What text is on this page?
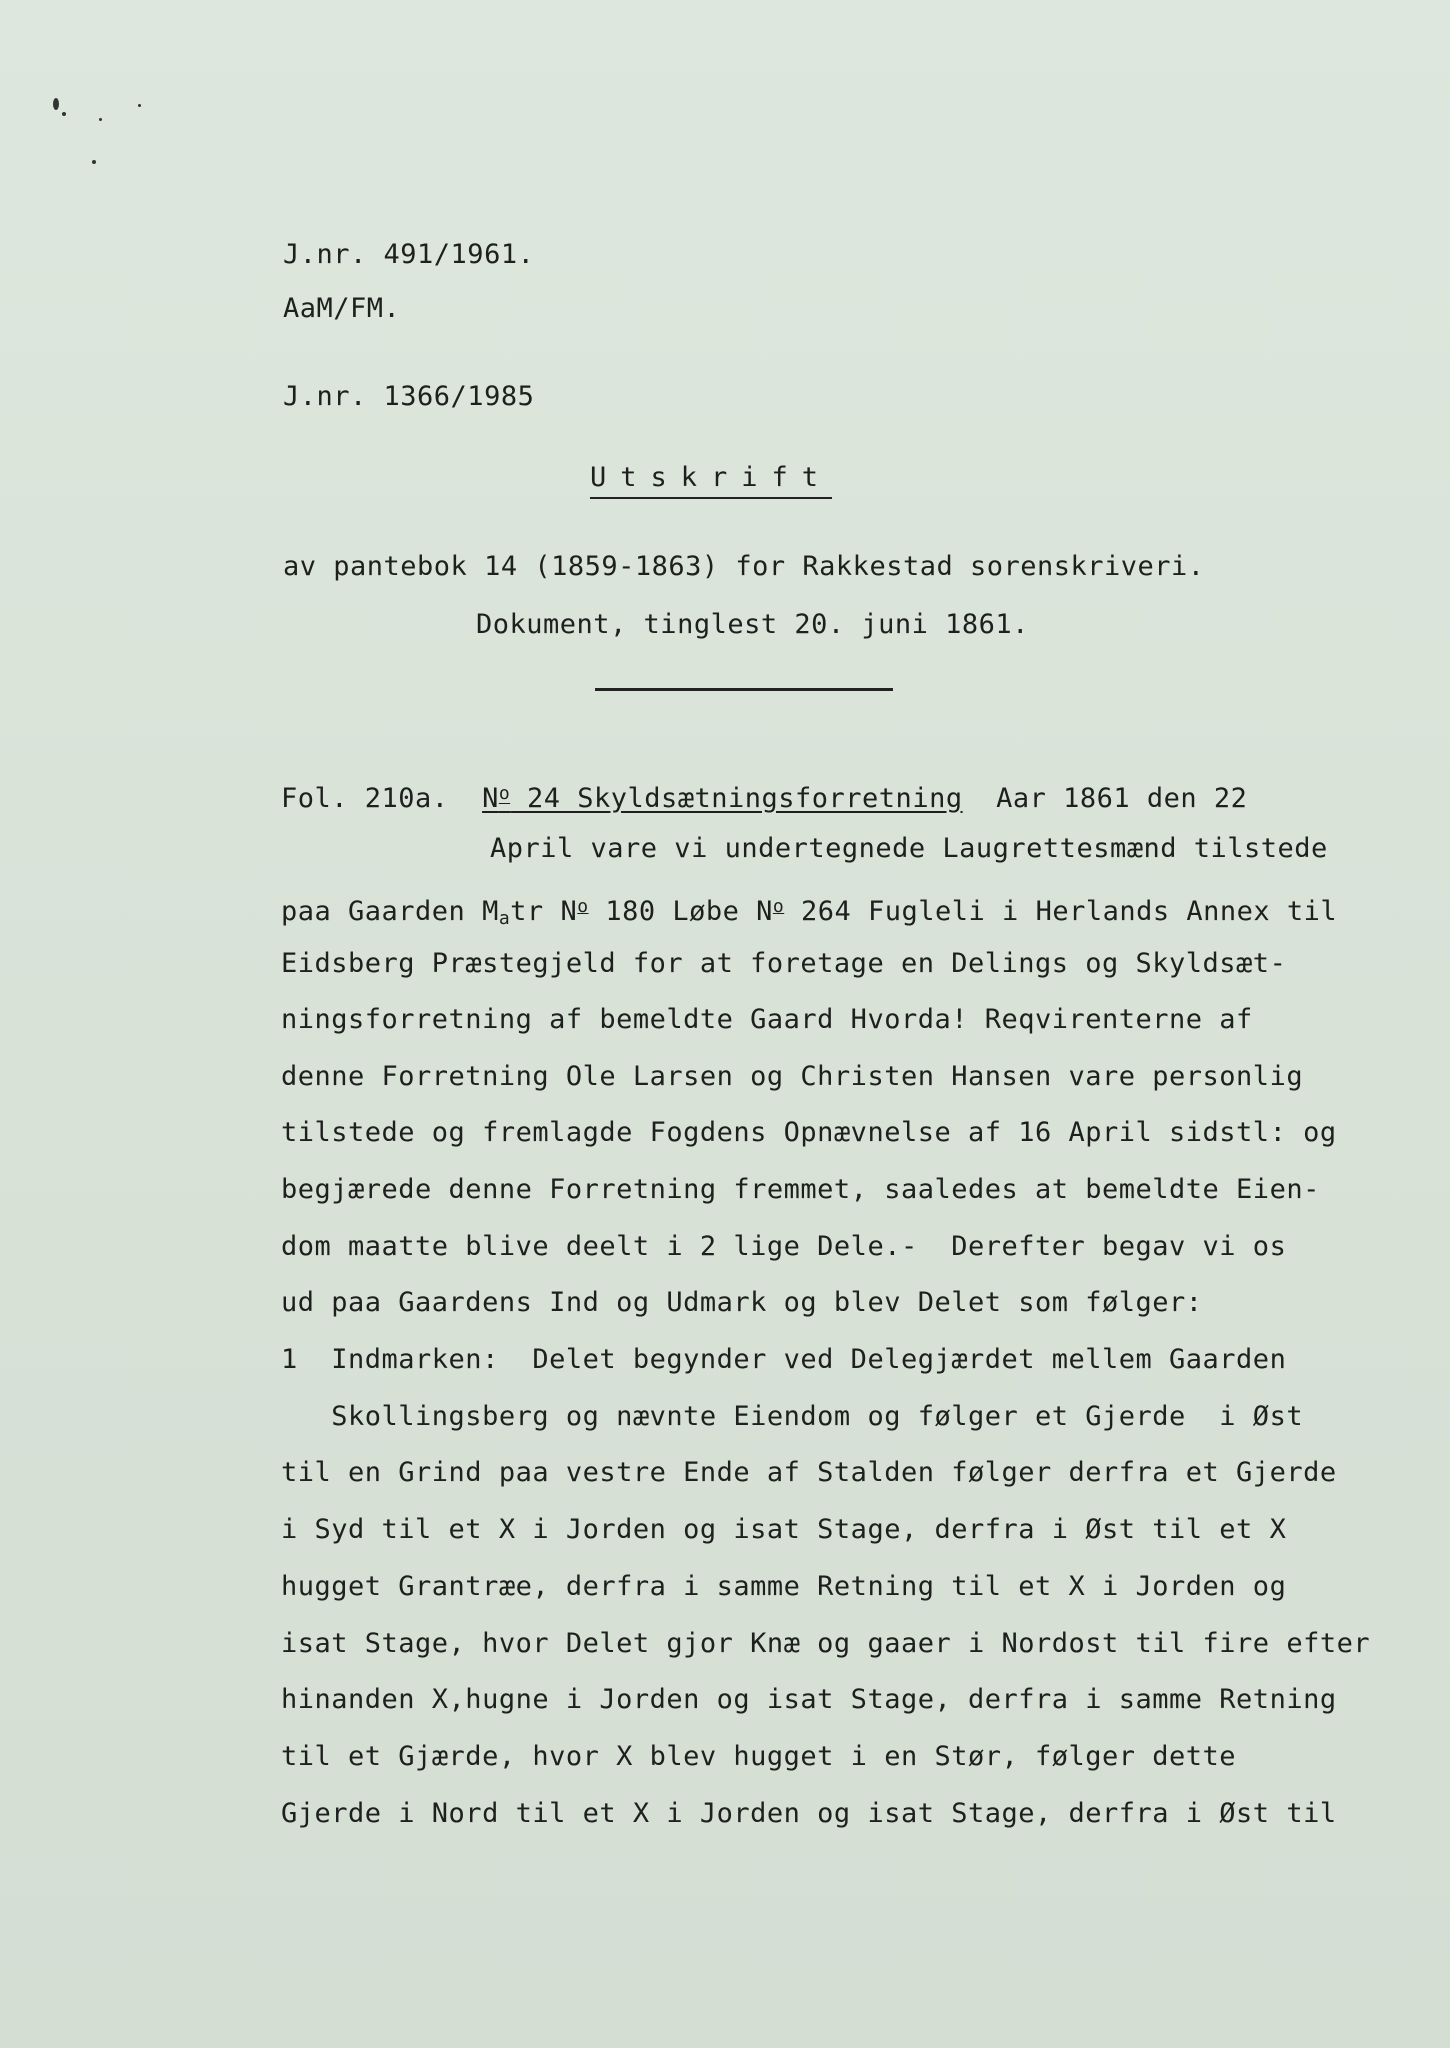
J.nr. 491/1961.
AaM/FM.
J.nr. 1366/1985
Utskrift
av pantebok 14 (1859-1863) for Rakkestad sorenskriveri.
Dokument, tinglest 20. juni 1861.
Fol. 210a. $N^o$ 24 Skyldsætningsforretning  Aar 1861 den 22
April vare vi undertegnede Laugrettesmænd tilstede
paa Gaarden $M_atr$ $N^o$ 180 Løbe $N^o$ 264 Fugleli i Herlands Annex til
Eidsberg Præstegjeld for at foretage en Delings og Skyldsæt-
ningsforretning af bemeldte Gaard Hvorda! Reqvirenterne af
denne Forretning Ole Larsen og Christen Hansen vare personlig
tilstede og fremlagde Fogdens Opnævnelse af 16 April sidstl: og
begjærede denne Forretning fremmet, saaledes at bemeldte Eien-
dom maatte blive deelt i 2 lige Dele.-  Derefter begav vi os
ud paa Gaardens Ind og Udmark og blev Delet som følger:
1  Indmarken:  Delet begynder ved Delegjærdet mellem Gaarden
Skollingsberg og nævnte Eiendom og følger et Gjerde  i Øst
til en Grind paa vestre Ende af Stalden følger derfra et Gjerde
i Syd til et X i Jorden og isat Stage, derfra i Øst til et X
hugget Grantræe, derfra i samme Retning til et X i Jorden og
isat Stage, hvor Delet gjor Knæ og gaaer i Nordost til fire efter
hinanden X,hugne i Jorden og isat Stage, derfra i samme Retning
til et Gjærde, hvor X blev hugget i en Stør, følger dette
Gjerde i Nord til et X i Jorden og isat Stage, derfra i Øst til
